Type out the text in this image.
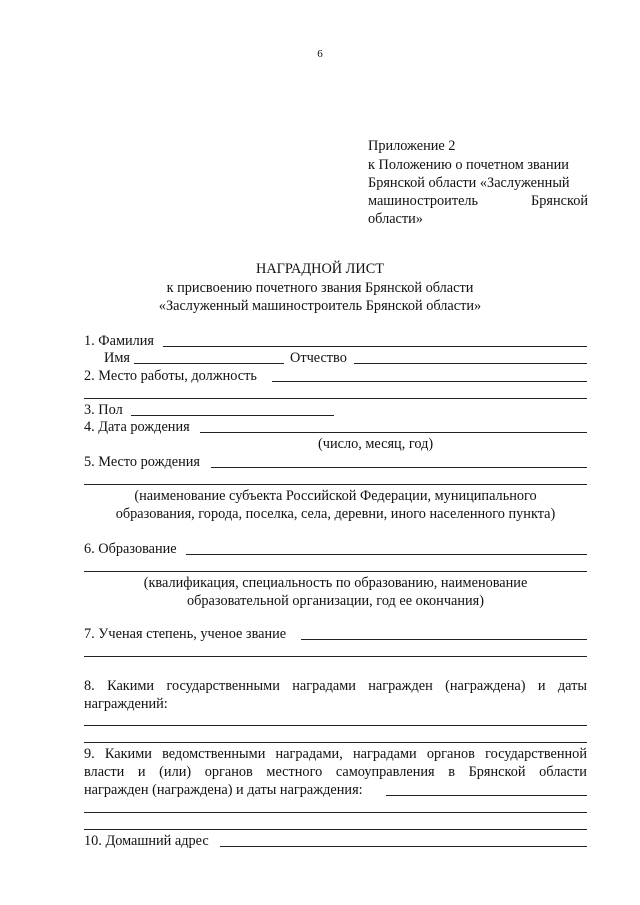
6
Приложение 2
к Положению о почетном звании
Брянской области «Заслуженный
машиностроитель	Брянской
области»
НАГРАДНОЙ ЛИСТ
к присвоению почетного звания Брянской области
«Заслуженный машиностроитель Брянской области»
1. Фамилия
Имя	Отчество
2. Место работы, должность
3. Пол
4. Дата рождения
(число, месяц, год)
5. Место рождения
(наименование субъекта Российской Федерации, муниципального
образования, города, поселка, села, деревни, иного населенного пункта)
6. Образование
(квалификация, специальность по образованию, наименование
образовательной организации, год ее окончания)
7. Ученая степень, ученое звание
8. Какими государственными наградами награжден (награждена) и даты
награждений:
9. Какими ведомственными наградами, наградами органов государственной
власти и (или) органов местного самоуправления в Брянской области
награжден (награждена) и даты награждения:
10. Домашний адрес
